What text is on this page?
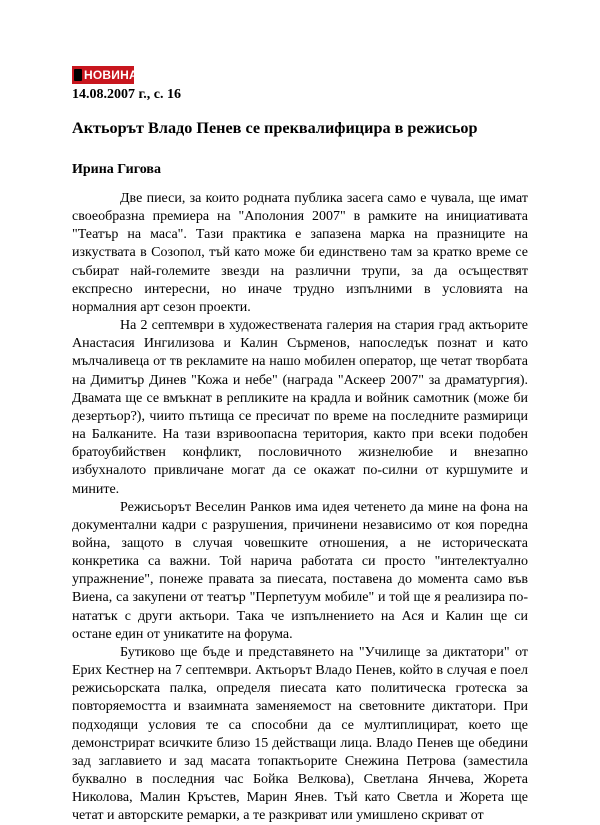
НОВИНАР
14.08.2007 г., с. 16
Актьорът Владо Пенев се преквалифицира в режисьор
Ирина Гигова

Две пиеси, за които родната публика засега само е чувала, ще имат своеобразна премиера на "Аполония 2007" в рамките на инициативата "Театър на маса". Тази практика е запазена марка на празниците на изкуствата в Созопол, тъй като може би единствено там за кратко време се събират най-големите звезди на различни трупи, за да осъществят експресно интересни, но иначе трудно изпълними в условията на нормалния арт сезон проекти.

На 2 септември в художествената галерия на стария град актьорите Анастасия Ингилизова и Калин Сърменов, напоследък познат и като мълчаливеца от тв рекламите на нашо мобилен оператор, ще четат творбата на Димитър Динев "Кожа и небе" (награда "Аскеер 2007" за драматургия). Двамата ще се вмъкнат в репликите на крадла и войник самотник (може би дезертьор?), чиито пътища се пресичат по време на последните размирици на Балканите. На тази взривоопасна територия, както при всеки подобен братоубийствен конфликт, пословичното жизнелюбие и внезапно избухналото привличане могат да се окажат по-силни от куршумите и мините.

Режисьорът Веселин Ранков има идея четенето да мине на фона на документални кадри с разрушения, причинени независимо от коя поредна война, защото в случая човешките отношения, а не историческата конкретика са важни. Той нарича работата си просто "интелектуално упражнение", понеже правата за пиесата, поставена до момента само във Виена, са закупени от театър "Перпетуум мобиле" и той ще я реализира по-нататък с други актьори. Така че изпълнението на Ася и Калин ще си остане един от уникатите на форума.

Бутиково ще бъде и представянето на "Училище за диктатори" от Ерих Кестнер на 7 септември. Актьорът Владо Пенев, който в случая е поел режисьорската палка, определя пиесата като политическа гротеска за повторяемостта и взаимната заменяемост на световните диктатори. При подходящи условия те са способни да се мултиплицират, което ще демонстрират всичките близо 15 действащи лица. Владо Пенев ще обедини зад заглавието и зад масата топактьорите Снежина Петрова (заместила буквално в последния час Бойка Велкова), Светлана Янчева, Жорета Николова, Малин Кръстев, Марин Янев. Тъй като Светла и Жорета ще четат и авторските ремарки, а те разкриват или умишлено скриват от
